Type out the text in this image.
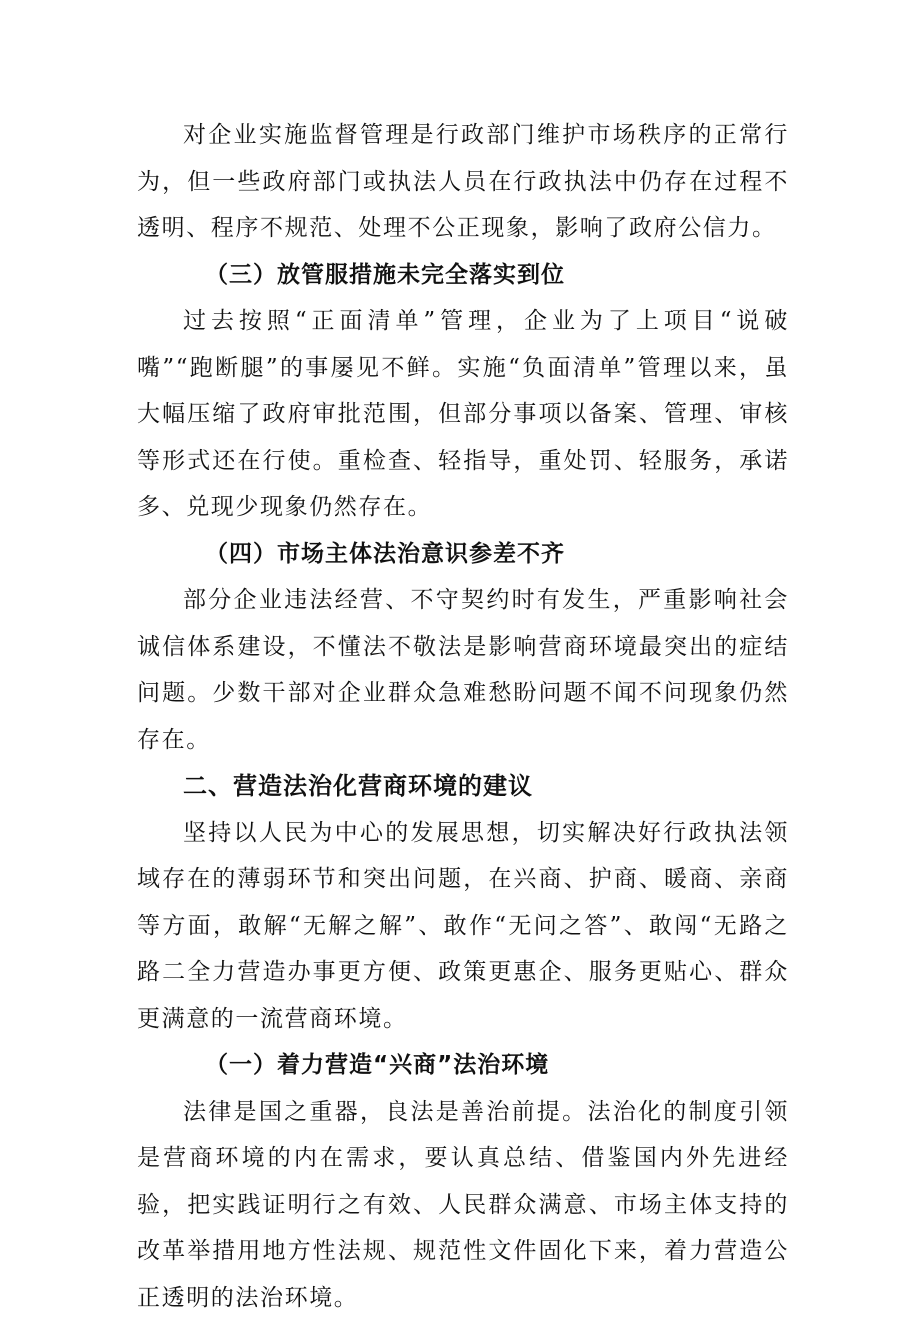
对企业实施监督管理是行政部门维护市场秩序的正常行为，但一些政府部门或执法人员在行政执法中仍存在过程不透明、程序不规范、处理不公正现象，影响了政府公信力。

（三）放管服措施未完全落实到位

过去按照“正面清单”管理，企业为了上项目“说破嘴”“跑断腿”的事屡见不鲜。实施“负面清单”管理以来，虽大幅压缩了政府审批范围，但部分事项以备案、管理、审核等形式还在行使。重检查、轻指导，重处罚、轻服务，承诺多、兑现少现象仍然存在。

（四）市场主体法治意识参差不齐

部分企业违法经营、不守契约时有发生，严重影响社会诚信体系建设，不懂法不敬法是影响营商环境最突出的症结问题。少数干部对企业群众急难愁盼问题不闻不问现象仍然存在。

二、营造法治化营商环境的建议

坚持以人民为中心的发展思想，切实解决好行政执法领域存在的薄弱环节和突出问题，在兴商、护商、暖商、亲商等方面，敢解“无解之解”、敢作“无问之答”、敢闯“无路之路二全力营造办事更方便、政策更惠企、服务更贴心、群众更满意的一流营商环境。

（一）着力营造“兴商”法治环境

法律是国之重器，良法是善治前提。法治化的制度引领是营商环境的内在需求，要认真总结、借鉴国内外先进经验，把实践证明行之有效、人民群众满意、市场主体支持的改革举措用地方性法规、规范性文件固化下来，着力营造公正透明的法治环境。
